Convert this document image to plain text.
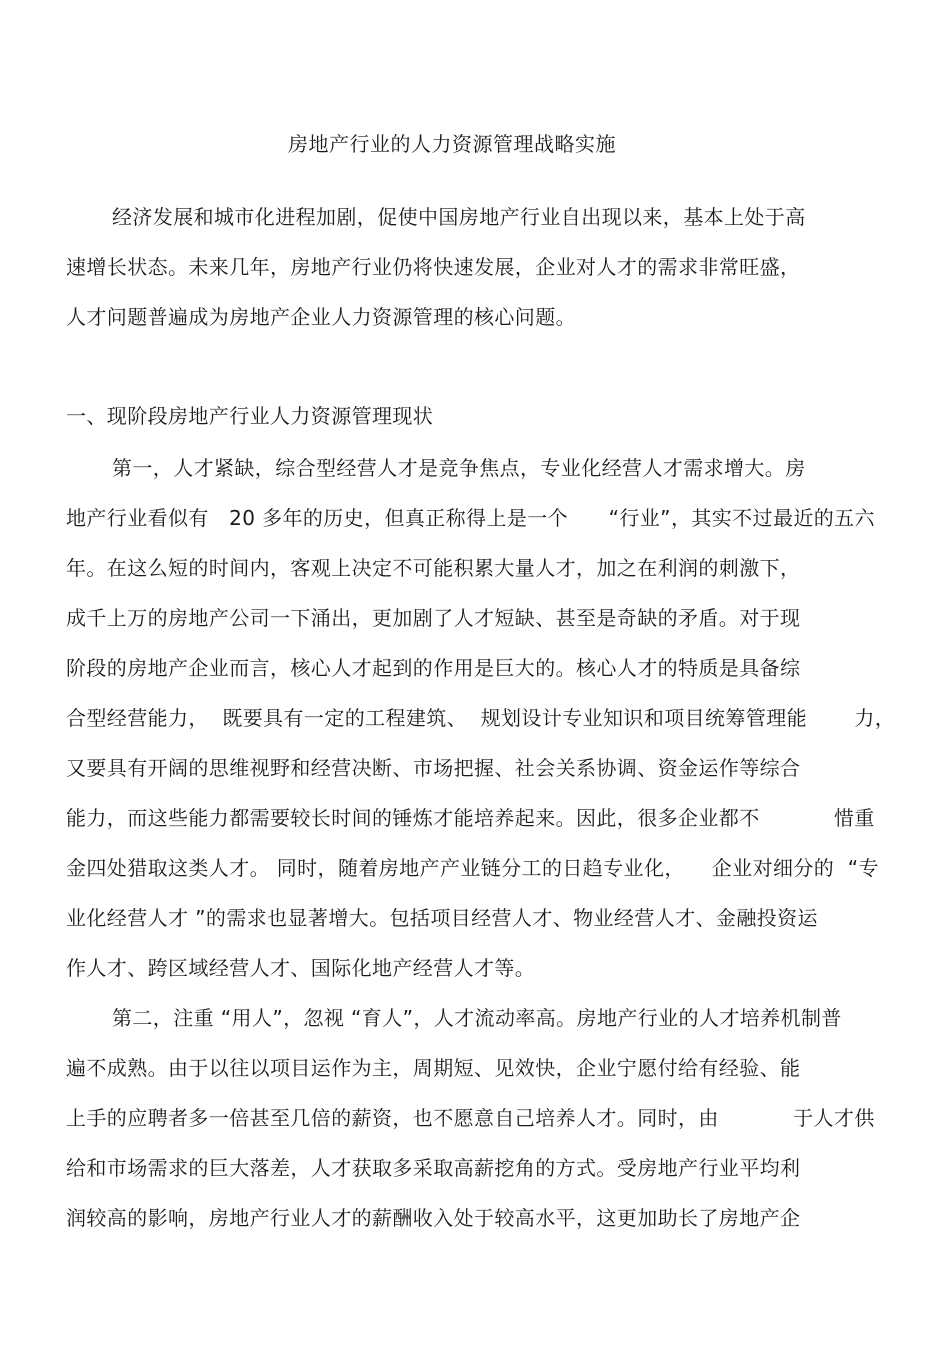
房地产行业的人力资源管理战略实施
经济发展和城市化进程加剧，促使中国房地产行业自出现以来，基本上处于高
速增长状态。未来几年，房地产行业仍将快速发展，企业对人才的需求非常旺盛，
人才问题普遍成为房地产企业人力资源管理的核心问题。
一、现阶段房地产行业人力资源管理现状
第一，人才紧缺，综合型经营人才是竞争焦点，专业化经营人才需求增大。房
地产行业看似有   20 多年的历史，但真正称得上是一个      “行业”，其实不过最近的五六
年。在这么短的时间内，客观上决定不可能积累大量人才，加之在利润的刺激下，
成千上万的房地产公司一下涌出，更加剧了人才短缺、甚至是奇缺的矛盾。对于现
阶段的房地产企业而言，核心人才起到的作用是巨大的。核心人才的特质是具备综
合型经营能力，  既要具有一定的工程建筑、  规划设计专业知识和项目统筹管理能       力，
又要具有开阔的思维视野和经营决断、市场把握、社会关系协调、资金运作等综合
能力，而这些能力都需要较长时间的锤炼才能培养起来。因此，很多企业都不           惜重
金四处猎取这类人才。 同时，随着房地产产业链分工的日趋专业化，    企业对细分的  “专
业化经营人才 ”的需求也显著增大。包括项目经营人才、物业经营人才、金融投资运
作人才、跨区域经营人才、国际化地产经营人才等。
第二，注重 “用人”，忽视 “育人”，人才流动率高。房地产行业的人才培养机制普
遍不成熟。由于以往以项目运作为主，周期短、见效快，企业宁愿付给有经验、能
上手的应聘者多一倍甚至几倍的薪资，也不愿意自己培养人才。同时，由           于人才供
给和市场需求的巨大落差，人才获取多采取高薪挖角的方式。受房地产行业平均利
润较高的影响，房地产行业人才的薪酬收入处于较高水平，这更加助长了房地产企
